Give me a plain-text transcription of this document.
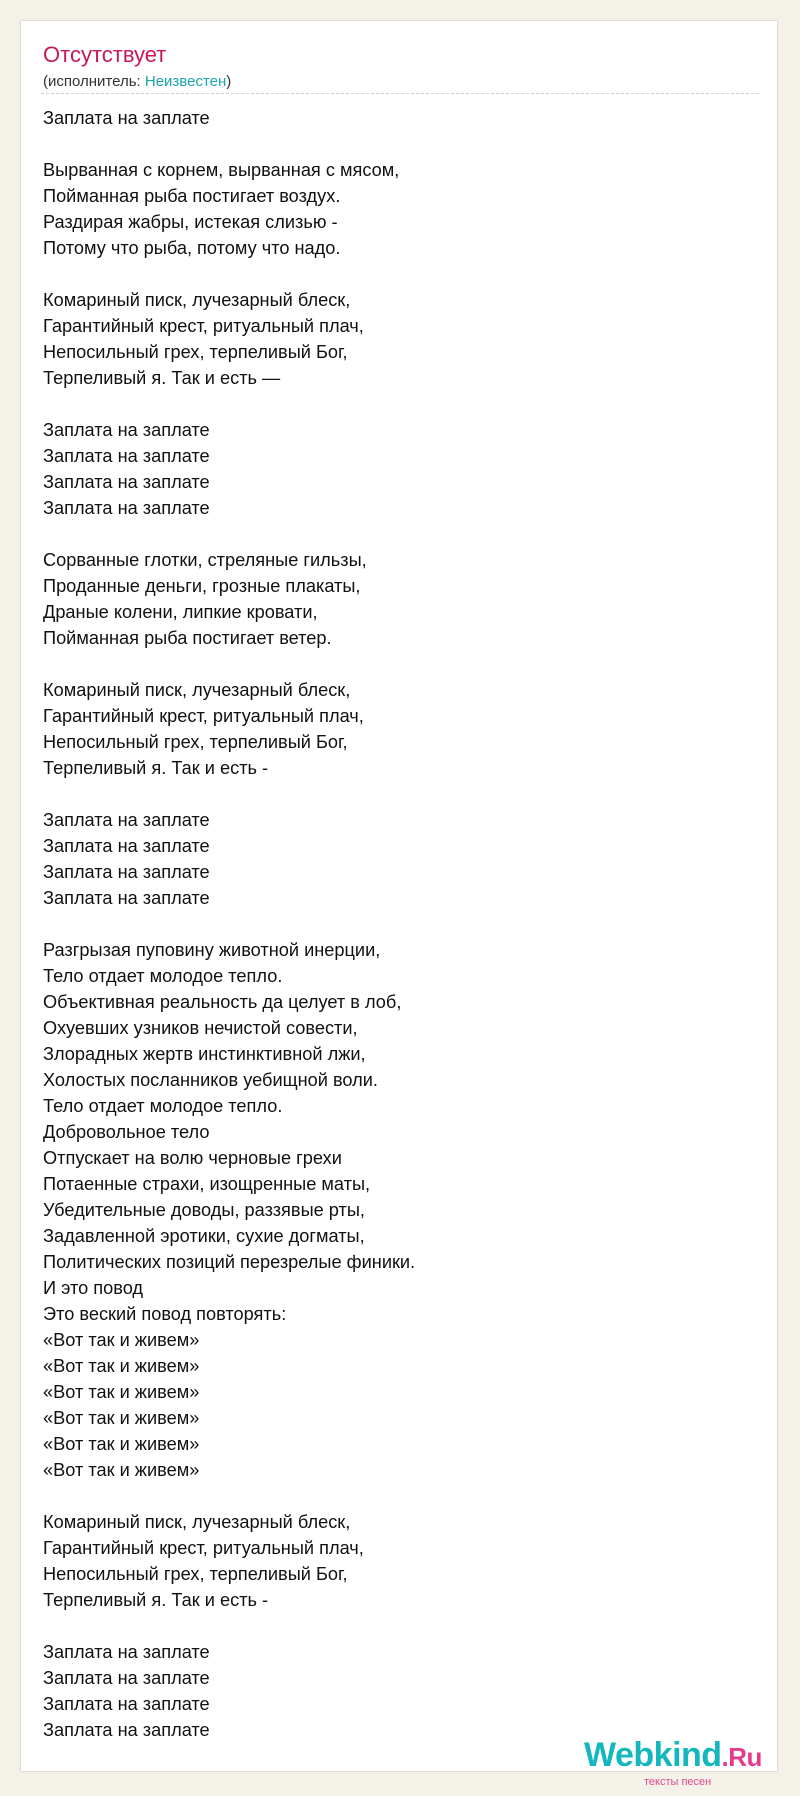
Отсутствует
(исполнитель: Неизвестен)
Заплата на заплате
Вырванная с корнем, вырванная с мясом,
Пойманная рыба постигает воздух.
Раздирая жабры, истекая слизью -
Потому что рыба, потому что надо.
Комариный писк, лучезарный блеск,
Гарантийный крест, ритуальный плач,
Непосильный грех, терпеливый Бог,
Терпеливый я. Так и есть —
Заплата на заплате
Заплата на заплате
Заплата на заплате
Заплата на заплате
Сорванные глотки, стреляные гильзы,
Проданные деньги, грозные плакаты,
Драные колени, липкие кровати,
Пойманная рыба постигает ветер.
Комариный писк, лучезарный блеск,
Гарантийный крест, ритуальный плач,
Непосильный грех, терпеливый Бог,
Терпеливый я. Так и есть -
Заплата на заплате
Заплата на заплате
Заплата на заплате
Заплата на заплате
Разгрызая пуповину животной инерции,
Тело отдает молодое тепло.
Объективная реальность да целует в лоб,
Охуевших узников нечистой совести,
Злорадных жертв инстинктивной лжи,
Холостых посланников уебищной воли.
Тело отдает молодое тепло.
Добровольное тело
Отпускает на волю черновые грехи
Потаенные страхи, изощренные маты,
Убедительные доводы, раззявые рты,
Задавленной эротики, сухие догматы,
Политических позиций перезрелые финики.
И это повод
Это веский повод повторять:
«Вот так и живем»
«Вот так и живем»
«Вот так и живем»
«Вот так и живем»
«Вот так и живем»
«Вот так и живем»
Комариный писк, лучезарный блеск,
Гарантийный крест, ритуальный плач,
Непосильный грех, терпеливый Бог,
Терпеливый я. Так и есть -
Заплата на заплате
Заплата на заплате
Заплата на заплате
Заплата на заплате
Webkind.Ru
тексты песен
